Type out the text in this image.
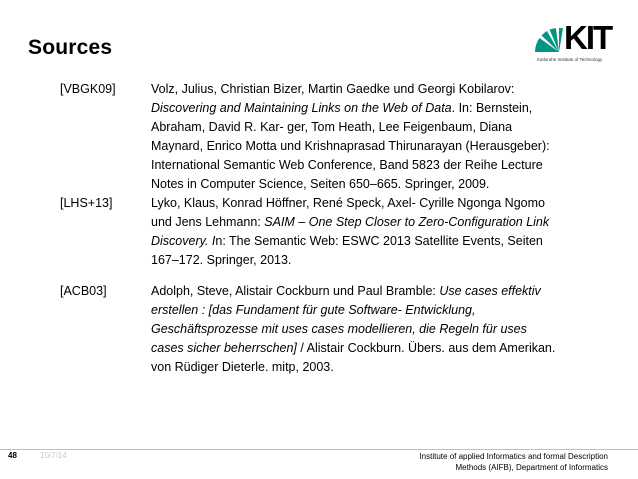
Sources	KIT
Karlsruhe Institute of Technology
[VBGK09]	Volz, Julius, Christian Bizer, Martin Gaedke und Georgi Kobilarov:
Discovering and Maintaining Links on the Web of Data. In: Bernstein,
Abraham, David R. Kar- ger, Tom Heath, Lee Feigenbaum, Diana
Maynard, Enrico Motta und Krishnaprasad Thirunarayan (Herausgeber):
International Semantic Web Conference, Band 5823 der Reihe Lecture
Notes in Computer Science, Seiten 650–665. Springer, 2009.
[LHS+13]	Lyko, Klaus, Konrad Höffner, René Speck, Axel- Cyrille Ngonga Ngomo
und Jens Lehmann: SAIM – One Step Closer to Zero-Configuration Link
Discovery. In: The Semantic Web: ESWC 2013 Satellite Events, Seiten
167–172. Springer, 2013.
[ACB03]	Adolph, Steve, Alistair Cockburn und Paul Bramble: Use cases effektiv
erstellen : [das Fundament für gute Software- Entwicklung,
Geschäftsprozesse mit uses cases modellieren, die Regeln für uses
cases sicher beherrschen] / Alistair Cockburn. Übers. aus dem Amerikan.
von Rüdiger Dieterle. mitp, 2003.
48	10/7/14	Institute of applied Informatics and formal Description
Methods (AIFB), Department of Informatics
